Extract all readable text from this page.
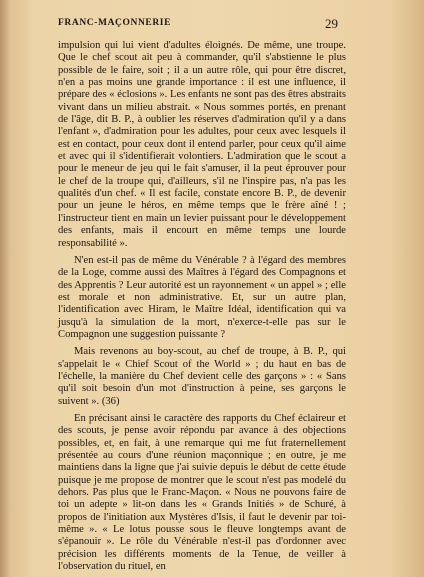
FRANC-MAÇONNERIE	29

impulsion qui lui vient d'adultes éloignés. De même, une troupe. Que le chef scout ait peu à commander, qu'il s'abstienne le plus possible de le faire, soit ; il a un autre rôle, qui pour être discret, n'en a pas moins une grande importance : il est une influence, il prépare des « éclosions ». Les enfants ne sont pas des êtres abstraits vivant dans un milieu abstrait. « Nous sommes portés, en prenant de l'âge, dit B. P., à oublier les réserves d'admiration qu'il y a dans l'enfant », d'admiration pour les adultes, pour ceux avec lesquels il est en contact, pour ceux dont il entend parler, pour ceux qu'il aime et avec qui il s'identifierait volontiers. L'admiration que le scout a pour le meneur de jeu qui le fait s'amuser, il la peut éprouver pour le chef de la troupe qui, d'ailleurs, s'il ne l'inspire pas, n'a pas les qualités d'un chef. « Il est facile, constate encore B. P., de devenir pour un jeune le héros, en même temps que le frère aîné ! ; l'instructeur tient en main un levier puissant pour le développement des enfants, mais il encourt en même temps une lourde responsabilité ».

N'en est-il pas de même du Vénérable ? à l'égard des membres de la Loge, comme aussi des Maîtres à l'égard des Compagnons et des Apprentis ? Leur autorité est un rayonnement « un appel » ; elle est morale et non administrative. Et, sur un autre plan, l'identification avec Hiram, le Maître Idéal, identification qui va jusqu'à la simulation de la mort, n'exerce-t-elle pas sur le Compagnon une suggestion puissante ?

Mais revenons au boy-scout, au chef de troupe, à B. P., qui s'appelait le « Chief Scout of the World » ; du haut en bas de l'échelle, la manière du Chef devient celle des garçons » : « Sans qu'il soit besoin d'un mot d'instruction à peine, ses garçons le suivent ». (36)

En précisant ainsi le caractère des rapports du Chef éclaireur et des scouts, je pense avoir répondu par avance à des objections possibles, et, en fait, à une remarque qui me fut fraternellement présentée au cours d'une réunion maçonnique ; en outre, je me maintiens dans la ligne que j'ai suivie depuis le début de cette étude puisque je me propose de montrer que le scout n'est pas modelé du dehors. Pas plus que le Franc-Maçon. « Nous ne pouvons faire de toi un adepte » lit-on dans les « Grands Initiés » de Schuré, à propos de l'initiation aux Mystères d'Isis, il faut le devenir par toi-même ». « Le lotus pousse sous le fleuve longtemps avant de s'épanouir ». Le rôle du Vénérable n'est-il pas d'ordonner avec précision les différents moments de la Tenue, de veiller à l'observation du rituel, en
